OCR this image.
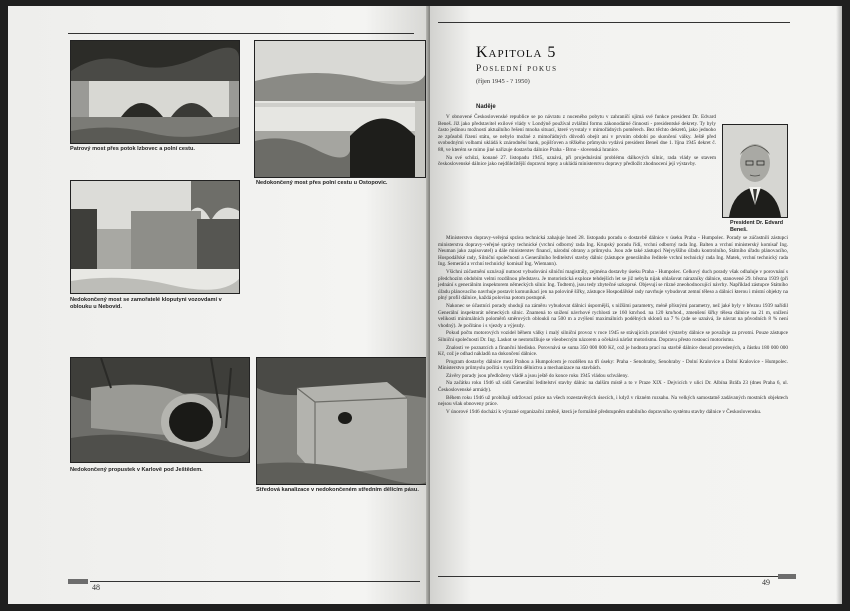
Patrový most přes potok Izbovec a polní cestu.
Nedokončený most přes polní cestu u Ostopovic.
Nedokončený most se zamořatelé kloputyni vozovdamí v oblouku u Nebovid.
Nedokončený propustek v Karlově pod Ještědem.
Středová kanalizace v nedokončeném středním dělícím pásu.
48
Kapitola 5
Poslední pokus
(říjen 1945 - ? 1950)
Naděje
President Dr. Edvard
Beneš.

V obnovené Československé republice se po návratu z nuceného pobytu v zahraničí ujímá své funkce president Dr. Edvard Beneš. Již jako představitel exilové vlády v Londýně používal zvláštní formu zákonodárné činnosti - presidentské dekrety. Ty byly často jedinou možností aktuálního řešení mnoha situací, které vyvstaly v mimořádných poměrech. Bez těchto dekretů, jako jednoho ze způsobů řízení státu, se nebylo možné z mimořádných důvodů obejít ani v prvním období po skončení války. Ještě před svobodnými volbami ukládá k znárodnění bank, pojišťoven a těžkého průmyslu vydává president Beneš dne 1. října 1945 dekret č. 88, ve kterém se mimo jiné nařizuje dostavba dálnice Praha - Brno - slovenská hranice.

Na své schůzi, konané 27. listopadu 1945, uznává, při projednávání problému dálkových silnic, rada vlády se stavem československé dálnice jako nejdůležitější dopravní tepny a ukládá ministerstvu dopravy předložit zhodnocení její výstavby.

Ministerstvo dopravy-veřejná správa technická zahajuje hned 28. listopadu poradu o dostavbě dálnice v úseku Praha - Humpolec. Porady se zúčastnili zástupci ministerstva dopravy-veřejné správy technické (vrchní odborný rada Ing. Krupský poradu řídí, vrchní odborný rada Ing. Balten a vrchní ministerský komisař Ing. Neuman jako zapisovatel) a dále ministerstev financí, národní obrany a průmyslu. Jsou zde také zástupci Nejvyššího úřadu kontrolního, Státního úřadu plánovacího, Hospodářské rady, Silniční společnosti a Generálního ředitelství stavby dálnic (zástupce generálního ředitele vrchní technický rada Ing. Matek, vrchní technický rada Ing. Semerád a vrchní technický komisař Ing. Wiemann).

Všichni zúčastnění uznávají nutnost vybudování silniční magistrály, zejména dostavby úseku Praha - Humpolec. Celkový duch porady však odhaluje v porovnání s předchozím obdobím velmi rozdílnou představu. Je motoristická exploze tehdejších let se již nebyla nijak ohlašovat nárazníky dálnice, stanovené 29. března 1939 (při jednání s generálním inspektorem německých silnic Ing. Todtem), jsou tedy zbytečné uzkoprsé. Objevují se různé zneohodnocující návrhy. Například zástupce Státního úřadu plánovacího navrhuje postavit komunikaci jen na polovině šířky, zástupce Hospodářské rady navrhuje vybudovat zemní těleso a dálnici kterou i místní objekty na plný profil dálnice, každá polovina potom postupně.

Nakonec se účastníci porady shodují na záměru vybudovat dálnici úspornější, s nižšími parametry, méně přísnými parametry, než jaké byly v březnu 1939 nařídil Generální inspektorát německých silnic. Znamená to snížení návrhové rychlosti ze 160 km/hod. na 120 km/hod., zmenšení šířky tělesa dálnice na 21 m, snížení velikosti minimálních poloměrů směrových oblouků na 500 m a zvýšení maximálních podélných sklonů na 7 % (zde se uznává, že návrat na původních 8 % není vhodný). Je počítáno i s vjezdy a výjezdy.

Pokud počtu motorových vozidel během války i malý silniční provoz v roce 1945 se stávajících pravidel výstavby dálnice se považuje za prvotní. Pouze zástupce Silniční společnosti Dr. Ing. Laskot se nestotožňuje se všeobecným názorem a očekává nárůst motorismu. Dopravu přesto rostoucí motorismu.

Znalosti ve poznatcích a finanční hledisko. Porovnává se suma 350 000 000 Kč, což je hodnota prací na stavbě dálnice dosud provedených, a částku 180 000 000 Kč, což je odhad nákladů na dokončení dálnice.

Program dostavby dálnice mezi Prahou a Humpolcem je rozdělen na tři úseky: Praha - Senohraby, Senohraby - Dolní Kralovice a Dolní Kralovice - Humpolec. Ministerstvo průmyslu počítá s využitím dělnictva a mechanizace na stavbách.

Závěry porady jsou předloženy vládě a jsou ještě do konce roku 1945 vládou schváleny.

Na začátku roku 1946 už sídlí Generální ředitelství stavby dálnic na dalším místě a to v Praze XIX - Dejvicích v ulici Dr. Albína Bráfa 23 (dnes Praha 6, ul. Československé armády).

Během roku 1946 už probíhají udržovací práce na všech rozestavěných úsecích, i když v různém rozsahu. Na velkých samostatně zadávaných mostních objektech nejsou však obnoveny práce.

V únorové 1946 dochází k výrazné organizační změně, která je formálně předstupněm stabilního dopravního systému stavby dálnice v Československu.

49
